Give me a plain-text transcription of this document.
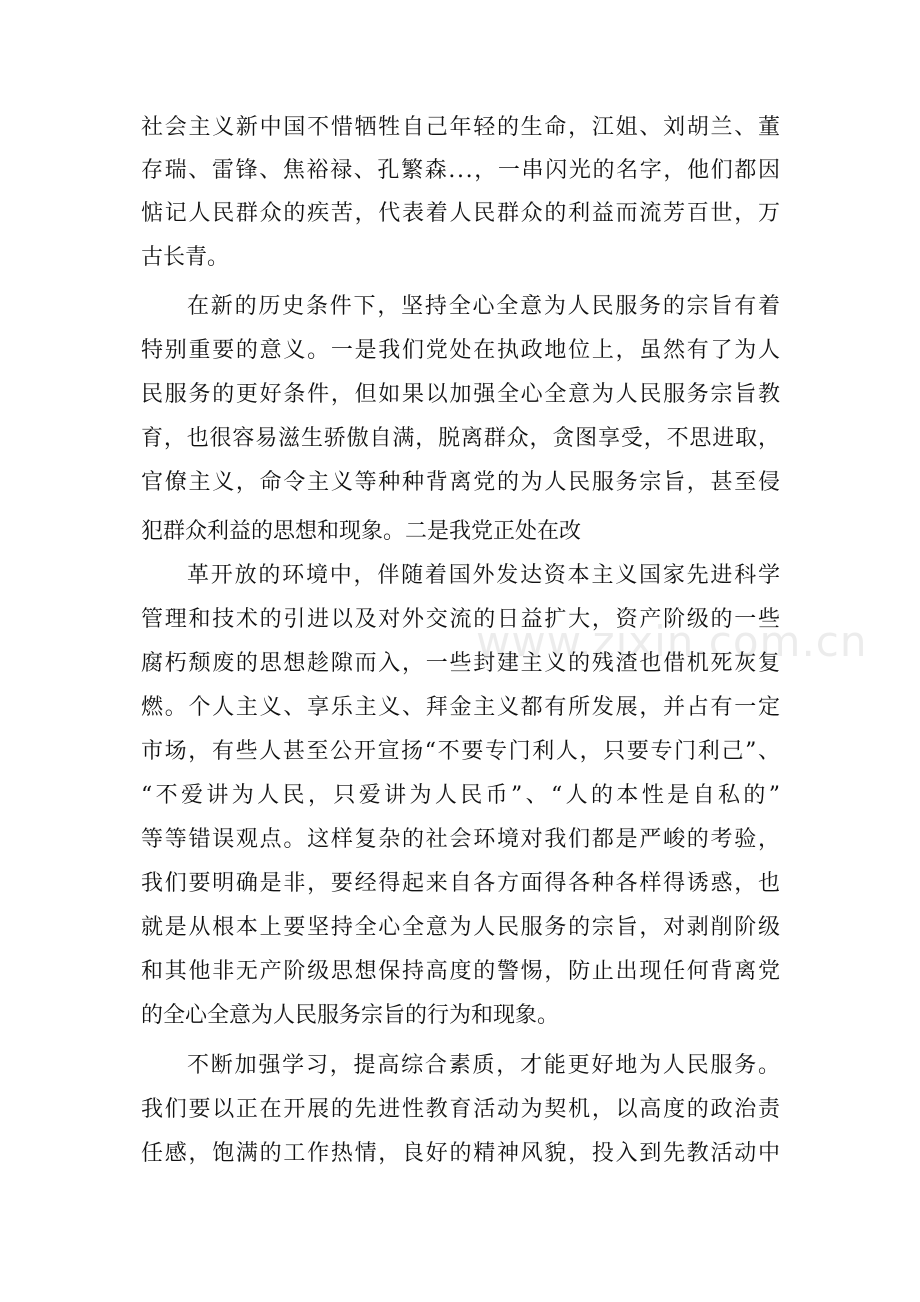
www.zixin.com.cn

社会主义新中国不惜牺牲自己年轻的生命，江姐、刘胡兰、董

存瑞、雷锋、焦裕禄、孔繁森...，一串闪光的名字，他们都因

惦记人民群众的疾苦，代表着人民群众的利益而流芳百世，万

古长青。

在新的历史条件下，坚持全心全意为人民服务的宗旨有着

特别重要的意义。一是我们党处在执政地位上，虽然有了为人

民服务的更好条件，但如果以加强全心全意为人民服务宗旨教

育，也很容易滋生骄傲自满，脱离群众，贪图享受，不思进取，

官僚主义，命令主义等种种背离党的为人民服务宗旨，甚至侵

犯群众利益的思想和现象。二是我党正处在改

革开放的环境中，伴随着国外发达资本主义国家先进科学

管理和技术的引进以及对外交流的日益扩大，资产阶级的一些

腐朽颓废的思想趁隙而入，一些封建主义的残渣也借机死灰复

燃。个人主义、享乐主义、拜金主义都有所发展，并占有一定

市场，有些人甚至公开宣扬“不要专门利人，只要专门利己”、

“不爱讲为人民，只爱讲为人民币”、“人的本性是自私的”

等等错误观点。这样复杂的社会环境对我们都是严峻的考验，

我们要明确是非，要经得起来自各方面得各种各样得诱惑，也

就是从根本上要坚持全心全意为人民服务的宗旨，对剥削阶级

和其他非无产阶级思想保持高度的警惕，防止出现任何背离党

的全心全意为人民服务宗旨的行为和现象。

不断加强学习，提高综合素质，才能更好地为人民服务。

我们要以正在开展的先进性教育活动为契机，以高度的政治责

任感，饱满的工作热情，良好的精神风貌，投入到先教活动中
